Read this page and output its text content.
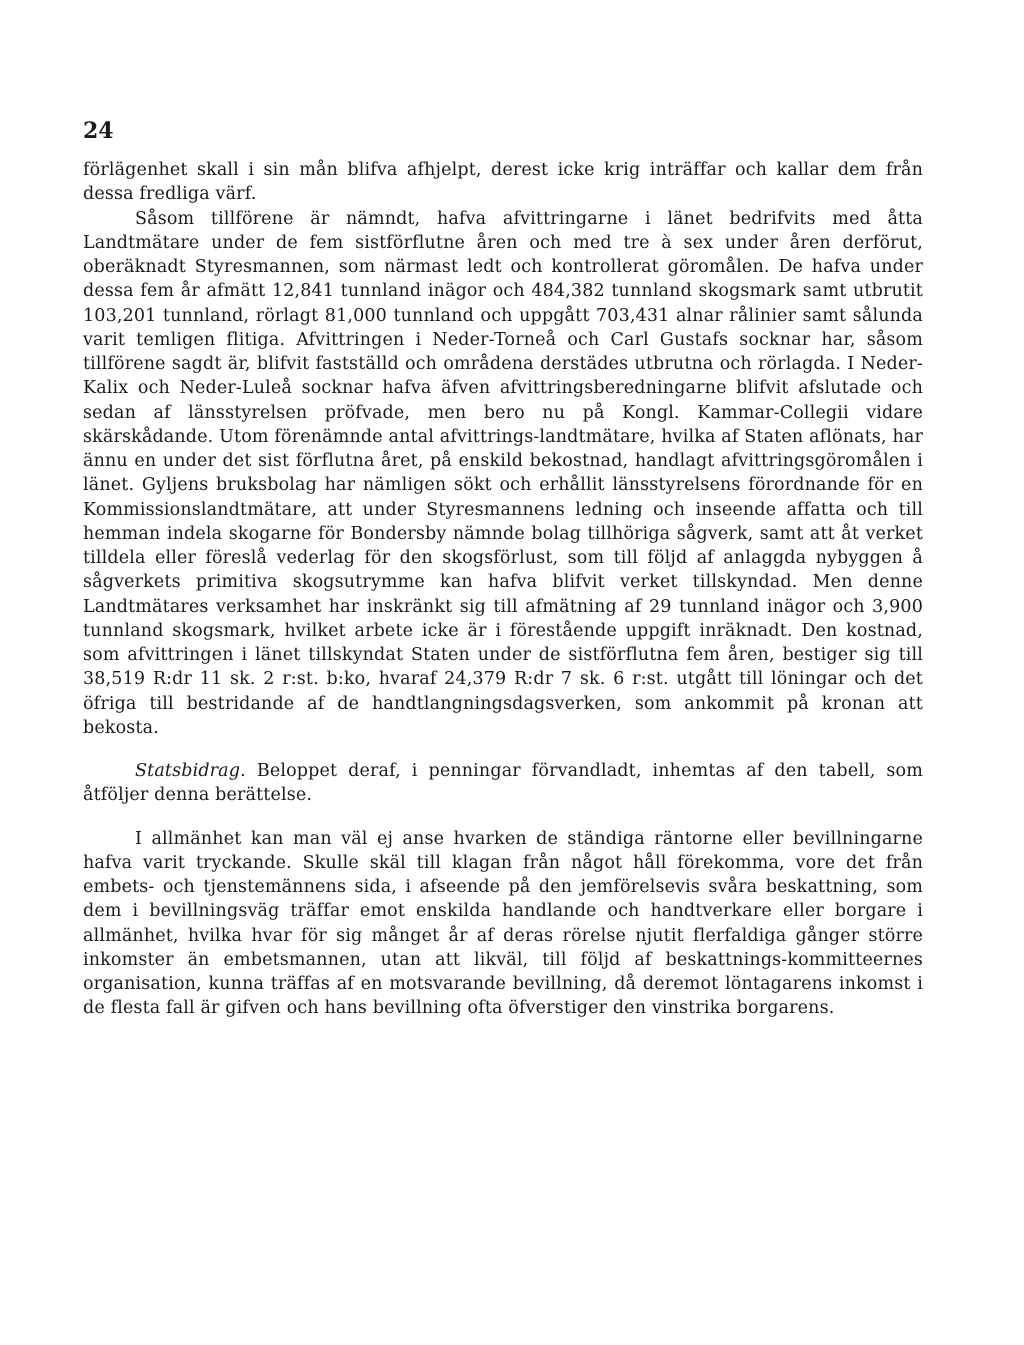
24

förlägenhet skall i sin mån blifva afhjelpt, derest icke krig inträffar och kallar dem från dessa fredliga värf.

Såsom tillförene är nämndt, hafva afvittringarne i länet bedrifvits med åtta Landtmätare under de fem sistförflutne åren och med tre à sex under åren derförut, oberäknadt Styresmannen, som närmast ledt och kontrollerat göromålen. De hafva under dessa fem år afmätt 12,841 tunnland inägor och 484,382 tunnland skogsmark samt utbrutit 103,201 tunnland, rörlagt 81,000 tunnland och uppgått 703,431 alnar rålinier samt sålunda varit temligen flitiga. Afvittringen i Neder-Torneå och Carl Gustafs socknar har, såsom tillförene sagdt är, blifvit fastställd och områdena derstädes utbrutna och rörlagda. I Neder-Kalix och Neder-Luleå socknar hafva äfven afvittringsberedningarne blifvit afslutade och sedan af länsstyrelsen pröfvade, men bero nu på Kongl. Kammar-Collegii vidare skärskådande. Utom förenämnde antal afvittrings-landtmätare, hvilka af Staten aflönats, har ännu en under det sist förflutna året, på enskild bekostnad, handlagt afvittringsgöromålen i länet. Gyljens bruksbolag har nämligen sökt och erhållit länsstyrelsens förordnande för en Kommissionslandtmätare, att under Styresmannens ledning och inseende affatta och till hemman indela skogarne för Bondersby nämnde bolag tillhöriga sågverk, samt att åt verket tilldela eller föreslå vederlag för den skogsförlust, som till följd af anlaggda nybyggen å sågverkets primitiva skogsutrymme kan hafva blifvit verket tillskyndad. Men denne Landtmätares verksamhet har inskränkt sig till afmätning af 29 tunnland inägor och 3,900 tunnland skogsmark, hvilket arbete icke är i förestående uppgift inräknadt. Den kostnad, som afvittringen i länet tillskyndat Staten under de sistförflutna fem åren, bestiger sig till 38,519 R:dr 11 sk. 2 r:st. b:ko, hvaraf 24,379 R:dr 7 sk. 6 r:st. utgått till löningar och det öfriga till bestridande af de handtlangningsdagsverken, som ankommit på kronan att bekosta.

Statsbidrag. Beloppet deraf, i penningar förvandladt, inhemtas af den tabell, som åtföljer denna berättelse.

I allmänhet kan man väl ej anse hvarken de ständiga räntorne eller bevillningarne hafva varit tryckande. Skulle skäl till klagan från något håll förekomma, vore det från embets- och tjenstemännens sida, i afseende på den jemförelsevis svåra beskattning, som dem i bevillningsväg träffar emot enskilda handlande och handtverkare eller borgare i allmänhet, hvilka hvar för sig månget år af deras rörelse njutit flerfaldiga gånger större inkomster än embetsmannen, utan att likväl, till följd af beskattnings-kommitteernes organisation, kunna träffas af en motsvarande bevillning, då deremot löntagarens inkomst i de flesta fall är gifven och hans bevillning ofta öfverstiger den vinstrika borgarens.
